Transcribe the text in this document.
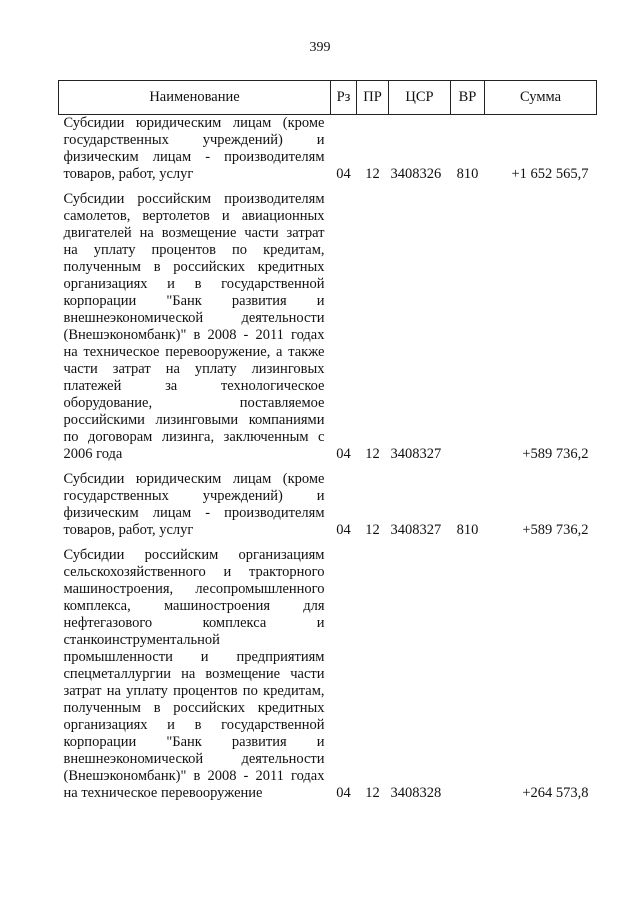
399
Наименование	Рз	ПР	ЦСР	ВР	Сумма
Субсидии юридическим лицам (кроме государственных учреждений) и физическим лицам - производителям товаров, работ, услуг	04	12	3408326	810	+1 652 565,7
Субсидии российским производителям самолетов, вертолетов и авиационных двигателей на возмещение части затрат на уплату процентов по кредитам, полученным в российских кредитных организациях и в государственной корпорации "Банк развития и внешнеэкономической деятельности (Внешэкономбанк)" в 2008 - 2011 годах на техническое перевооружение, а также части затрат на уплату лизинговых платежей за технологическое оборудование, поставляемое российскими лизинговыми компаниями по договорам лизинга, заключенным с 2006 года	04	12	3408327		+589 736,2
Субсидии юридическим лицам (кроме государственных учреждений) и физическим лицам - производителям товаров, работ, услуг	04	12	3408327	810	+589 736,2
Субсидии российским организациям сельскохозяйственного и тракторного машиностроения, лесопромышленного комплекса, машиностроения для нефтегазового комплекса и станкоинструментальной промышленности и предприятиям спецметаллургии на возмещение части затрат на уплату процентов по кредитам, полученным в российских кредитных организациях и в государственной корпорации "Банк развития и внешнеэкономической деятельности (Внешэкономбанк)" в 2008 - 2011 годах на техническое перевооружение	04	12	3408328		+264 573,8
